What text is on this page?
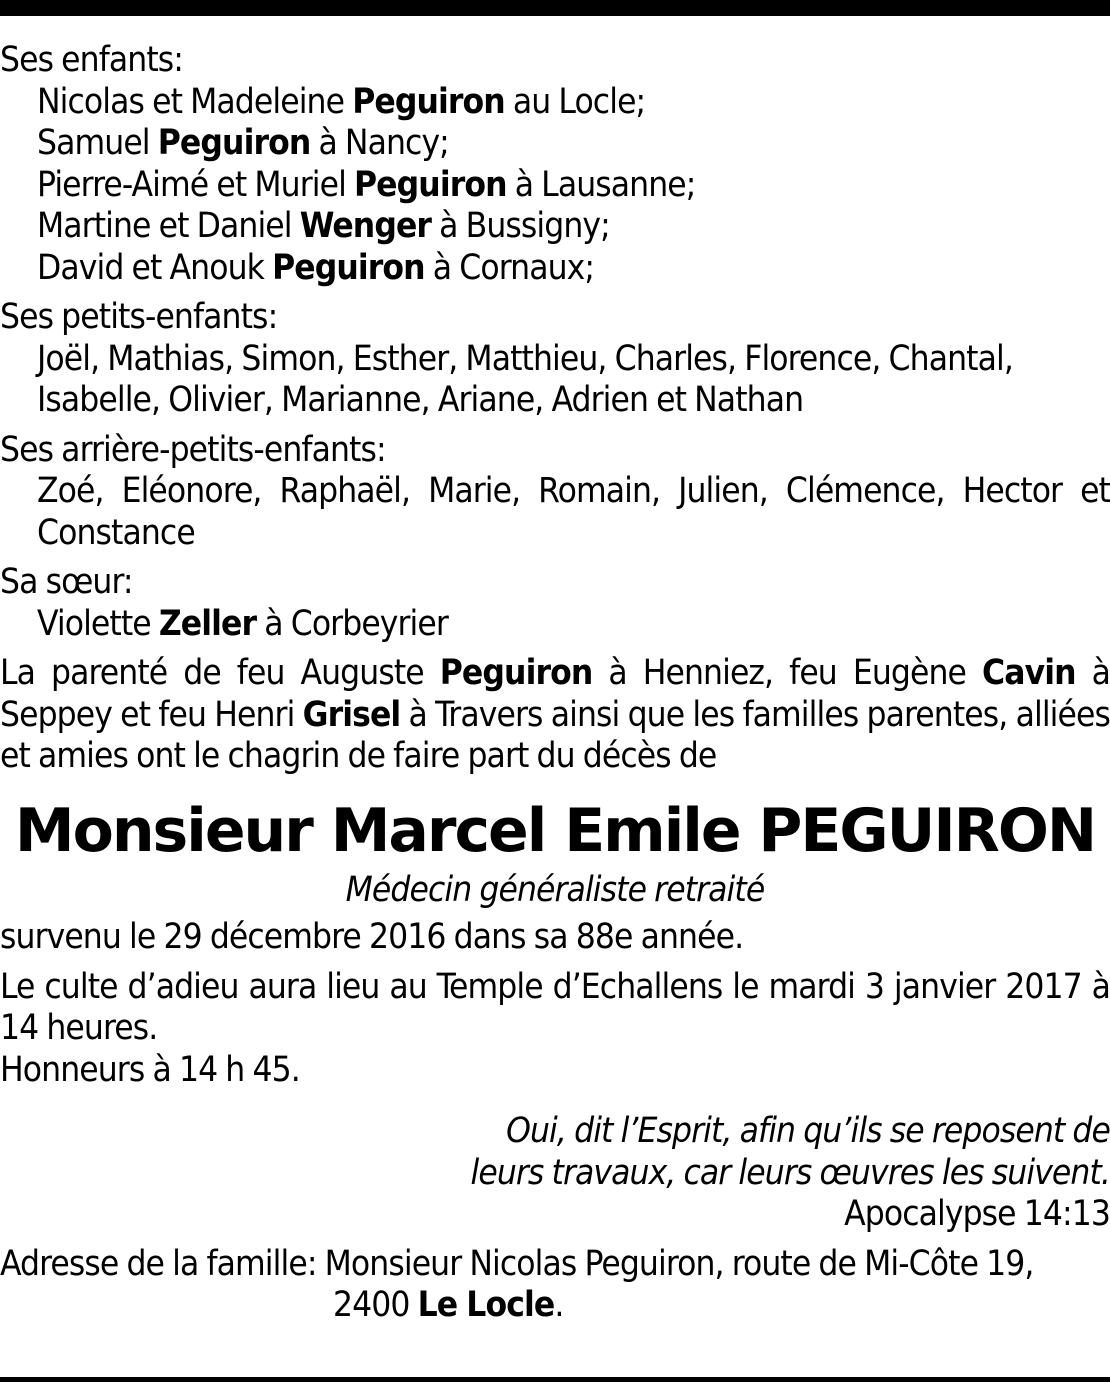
Ses enfants:

Nicolas et Madeleine Peguiron au Locle;

Samuel Peguiron à Nancy;

Pierre-Aimé et Muriel Peguiron à Lausanne;

Martine et Daniel Wenger à Bussigny;

David et Anouk Peguiron à Cornaux;

Ses petits-enfants:

Joël, Mathias, Simon, Esther, Matthieu, Charles, Florence, Chantal, Isabelle, Olivier, Marianne, Ariane, Adrien et Nathan

Ses arrière-petits-enfants:

Zoé, Eléonore, Raphaël, Marie, Romain, Julien, Clémence, Hector et Constance

Sa sœur:

Violette Zeller à Corbeyrier

La parenté de feu Auguste Peguiron à Henniez, feu Eugène Cavin à Seppey et feu Henri Grisel à Travers ainsi que les familles parentes, alliées et amies ont le chagrin de faire part du décès de

Monsieur Marcel Emile PEGUIRON

Médecin généraliste retraité

survenu le 29 décembre 2016 dans sa 88e année.

Le culte d’adieu aura lieu au Temple d’Echallens le mardi 3 janvier 2017 à 14 heures.

Honneurs à 14 h 45.

Oui, dit l’Esprit, afin qu’ils se reposent de

leurs travaux, car leurs œuvres les suivent.

Apocalypse 14:13

Adresse de la famille: Monsieur Nicolas Peguiron, route de Mi-Côte 19,

2400 Le Locle.
